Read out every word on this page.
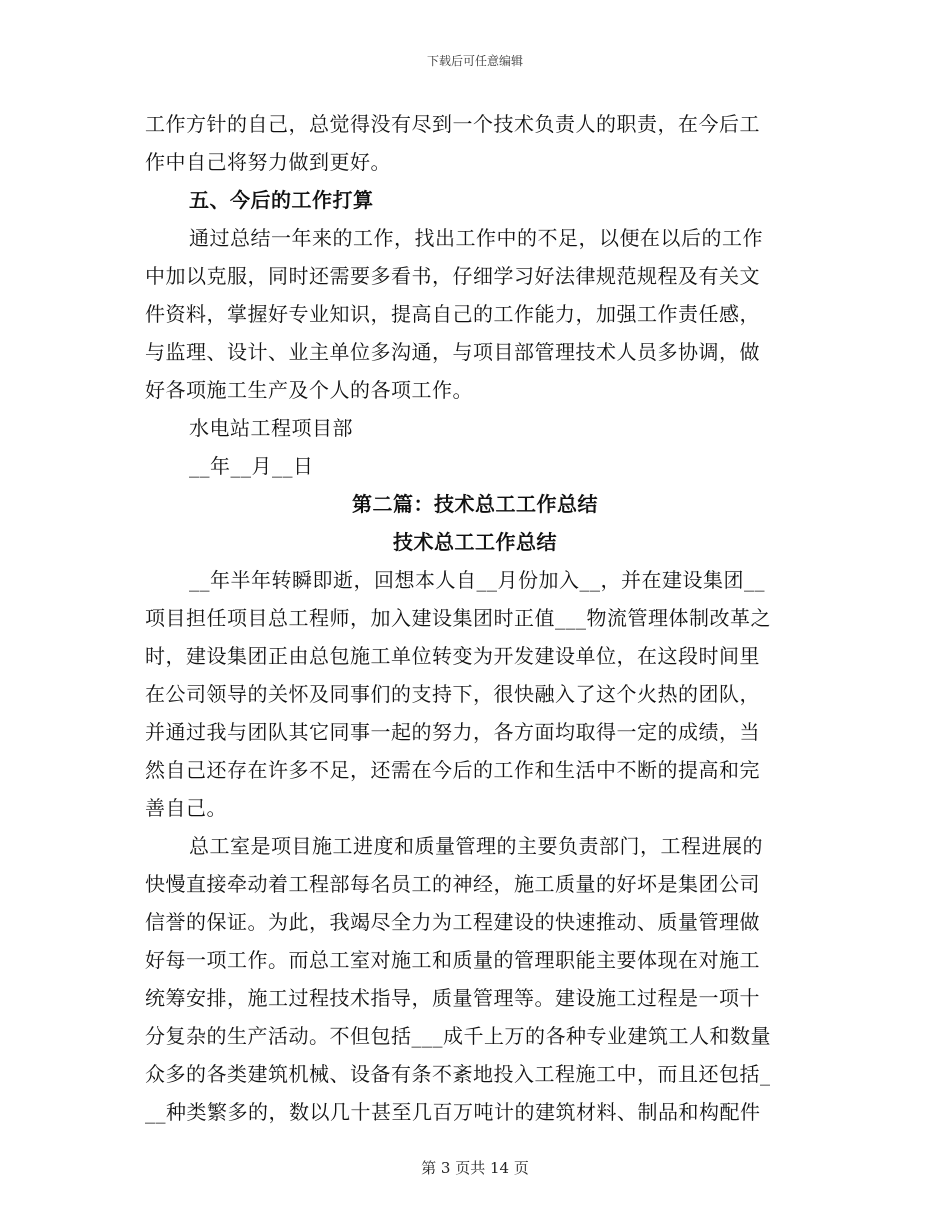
下载后可任意编辑

工作方针的自己，总觉得没有尽到一个技术负责人的职责，在今后工

作中自己将努力做到更好。

五、今后的工作打算

通过总结一年来的工作，找出工作中的不足，以便在以后的工作

中加以克服，同时还需要多看书，仔细学习好法律规范规程及有关文

件资料，掌握好专业知识，提高自己的工作能力，加强工作责任感，

与监理、设计、业主单位多沟通，与项目部管理技术人员多协调，做

好各项施工生产及个人的各项工作。

水电站工程项目部

__年__月__日

第二篇：技术总工工作总结

技术总工工作总结

__年半年转瞬即逝，回想本人自__月份加入__，并在建设集团__

项目担任项目总工程师，加入建设集团时正值___物流管理体制改革之

时，建设集团正由总包施工单位转变为开发建设单位，在这段时间里

在公司领导的关怀及同事们的支持下，很快融入了这个火热的团队，

并通过我与团队其它同事一起的努力，各方面均取得一定的成绩，当

然自己还存在许多不足，还需在今后的工作和生活中不断的提高和完

善自己。

总工室是项目施工进度和质量管理的主要负责部门，工程进展的

快慢直接牵动着工程部每名员工的神经，施工质量的好坏是集团公司

信誉的保证。为此，我竭尽全力为工程建设的快速推动、质量管理做

好每一项工作。而总工室对施工和质量的管理职能主要体现在对施工

统筹安排，施工过程技术指导，质量管理等。建设施工过程是一项十

分复杂的生产活动。不但包括___成千上万的各种专业建筑工人和数量

众多的各类建筑机械、设备有条不紊地投入工程施工中，而且还包括_

__种类繁多的，数以几十甚至几百万吨计的建筑材料、制品和构配件

第 3 页共 14 页
